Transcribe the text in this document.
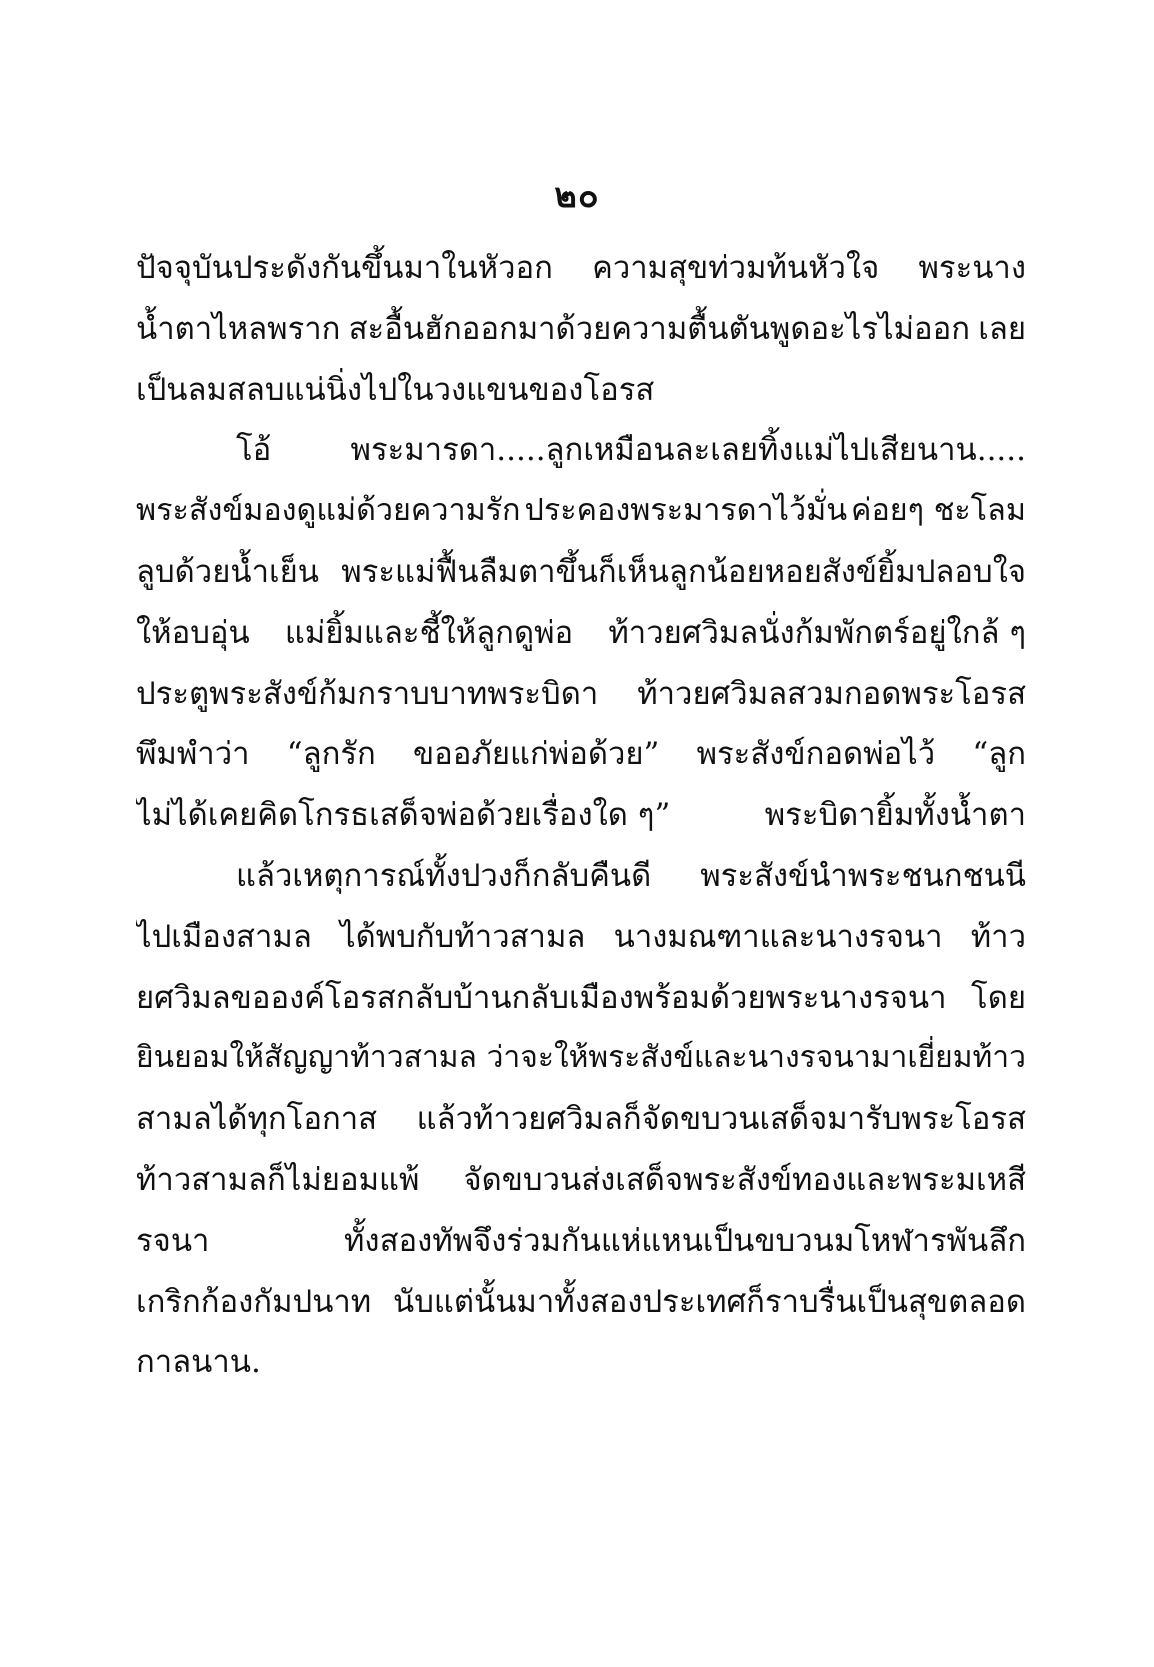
๒๐
ปัจจุบันประดังกันขึ้นมาในหัวอก ความสุขท่วมท้นหัวใจ พระนาง
น้ำตาไหลพราก สะอื้นฮักออกมาด้วยความตื้นตันพูดอะไรไม่ออก เลย
เป็นลมสลบแน่นิ่งไปในวงแขนของโอรส
โอ้	พระมารดา.....ลูกเหมือนละเลยทิ้งแม่ไปเสียนาน.....
พระสังข์มองดูแม่ด้วยความรัก ประคองพระมารดาไว้มั่น ค่อยๆ ชะโลม
ลูบด้วยน้ำเย็น พระแม่ฟื้นลืมตาขึ้นก็เห็นลูกน้อยหอยสังข์ยิ้มปลอบใจ
ให้อบอุ่น แม่ยิ้มและชี้ให้ลูกดูพ่อ ท้าวยศวิมลนั่งก้มพักตร์อยู่ใกล้ ๆ
ประตูพระสังข์ก้มกราบบาทพระบิดา ท้าวยศวิมลสวมกอดพระโอรส
พึมพำว่า “ลูกรัก ขออภัยแก่พ่อด้วย” พระสังข์กอดพ่อไว้ “ลูก
ไม่ได้เคยคิดโกรธเสด็จพ่อด้วยเรื่องใด ๆ”	พระบิดายิ้มทั้งน้ำตา
แล้วเหตุการณ์ทั้งปวงก็กลับคืนดี พระสังข์นำพระชนกชนนี
ไปเมืองสามล ได้พบกับท้าวสามล นางมณฑาและนางรจนา ท้าว
ยศวิมลขอองค์โอรสกลับบ้านกลับเมืองพร้อมด้วยพระนางรจนา โดย
ยินยอมให้สัญญาท้าวสามล ว่าจะให้พระสังข์และนางรจนามาเยี่ยมท้าว
สามลได้ทุกโอกาส แล้วท้าวยศวิมลก็จัดขบวนเสด็จมารับพระโอรส
ท้าวสามลก็ไม่ยอมแพ้ จัดขบวนส่งเสด็จพระสังข์ทองและพระมเหสี
รจนา	ทั้งสองทัพจึงร่วมกันแห่แหนเป็นขบวนมโหฬารพันลึก
เกริกก้องกัมปนาท นับแต่นั้นมาทั้งสองประเทศก็ราบรื่นเป็นสุขตลอด
กาลนาน.
